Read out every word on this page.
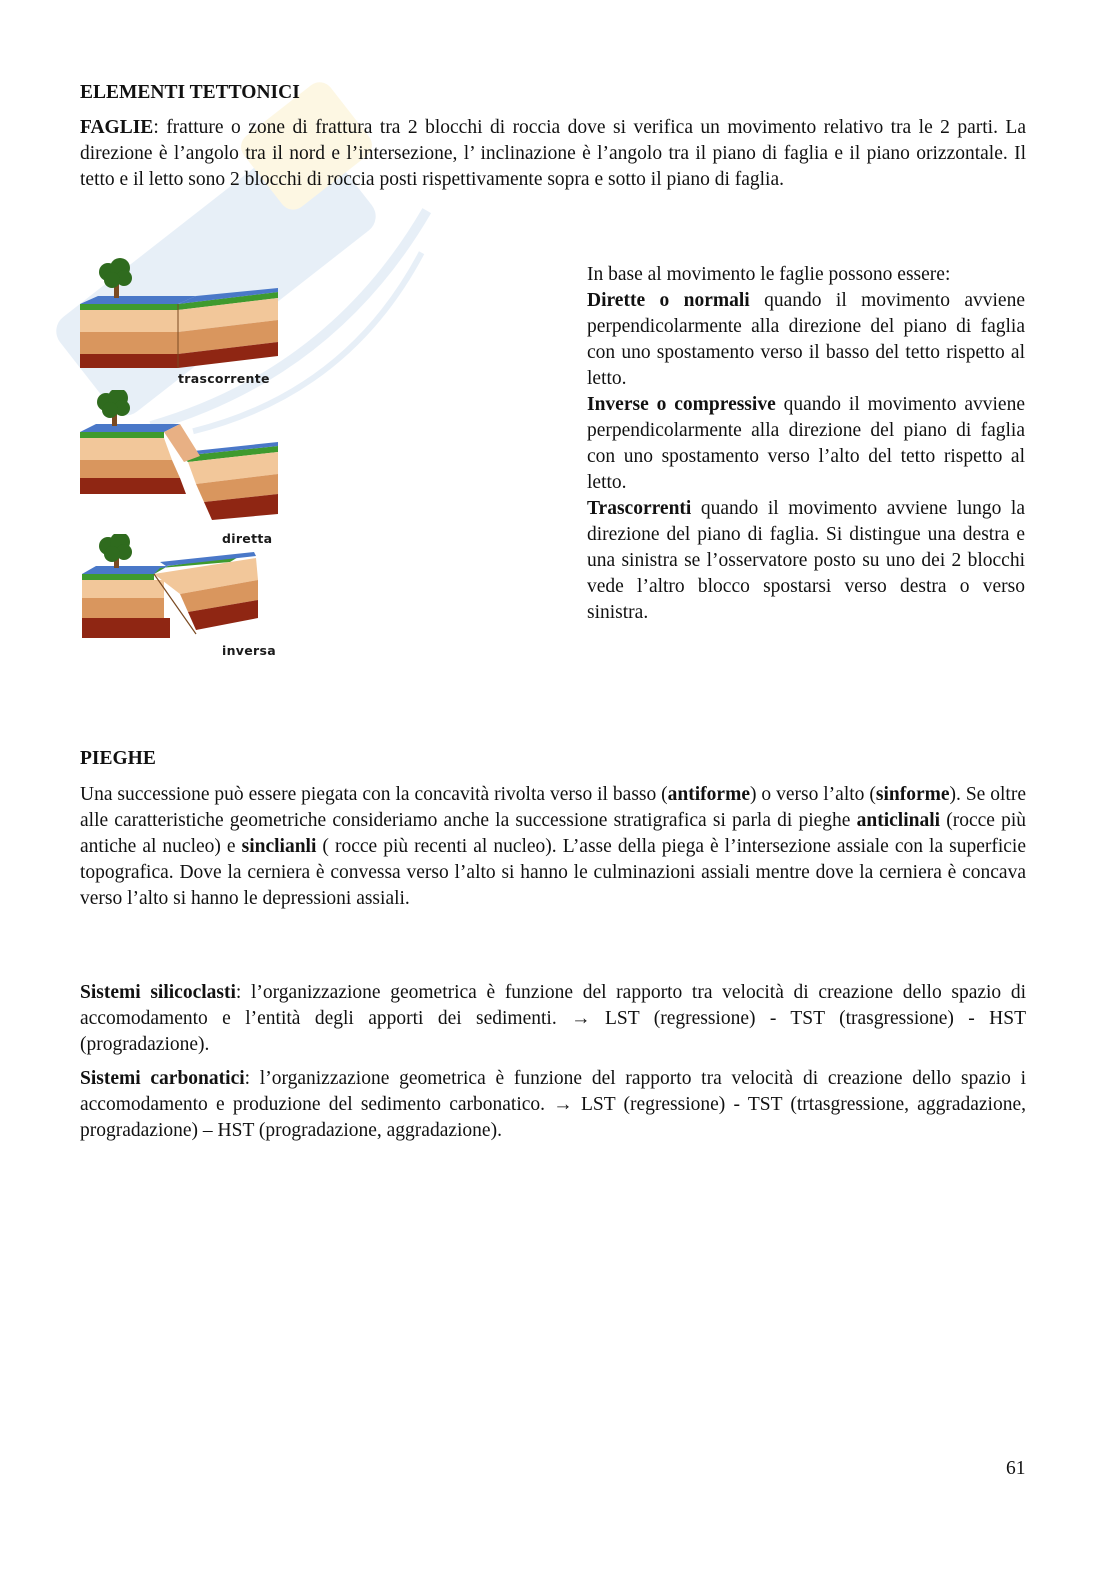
ELEMENTI TETTONICI
FAGLIE: fratture o zone di frattura tra 2 blocchi di roccia dove si verifica un movimento relativo tra le 2 parti. La direzione è l’angolo tra il nord e l’intersezione, l’ inclinazione è l’angolo tra il piano di faglia e il piano orizzontale. Il tetto e il letto sono 2 blocchi di roccia posti rispettivamente sopra e sotto il piano di faglia.
trascorrente
diretta
inversa
In base al movimento le faglie possono essere:
Dirette o normali quando il movimento avviene perpendicolarmente alla direzione del piano di faglia con uno spostamento verso il basso del tetto rispetto al letto.
Inverse o compressive quando il movimento avviene perpendicolarmente alla direzione del piano di faglia con uno spostamento verso l’alto del tetto rispetto al letto.
Trascorrenti quando il movimento avviene lungo la direzione del piano di faglia. Si distingue una destra e una sinistra se l’osservatore posto su uno dei 2 blocchi vede l’altro blocco spostarsi verso destra o verso sinistra.
PIEGHE
Una successione può essere piegata con la concavità rivolta verso il basso (antiforme) o verso l’alto (sinforme). Se oltre alle caratteristiche geometriche consideriamo anche la successione stratigrafica si parla di pieghe anticlinali (rocce più antiche al nucleo) e sinclianli ( rocce più recenti al nucleo). L’asse della piega è l’intersezione assiale con la superficie topografica. Dove la cerniera è convessa verso l’alto si hanno le culminazioni assiali mentre dove la cerniera è concava verso l’alto si hanno le depressioni assiali.
Sistemi silicoclasti: l’organizzazione geometrica è funzione del rapporto tra velocità di creazione dello spazio di accomodamento e l’entità degli apporti dei sedimenti. → LST (regressione) - TST (trasgressione) - HST (progradazione).
Sistemi carbonatici: l’organizzazione geometrica è funzione del rapporto tra velocità di creazione dello spazio i accomodamento e produzione del sedimento carbonatico. → LST (regressione) - TST (trtasgressione, aggradazione, progradazione) – HST (progradazione, aggradazione).
61
